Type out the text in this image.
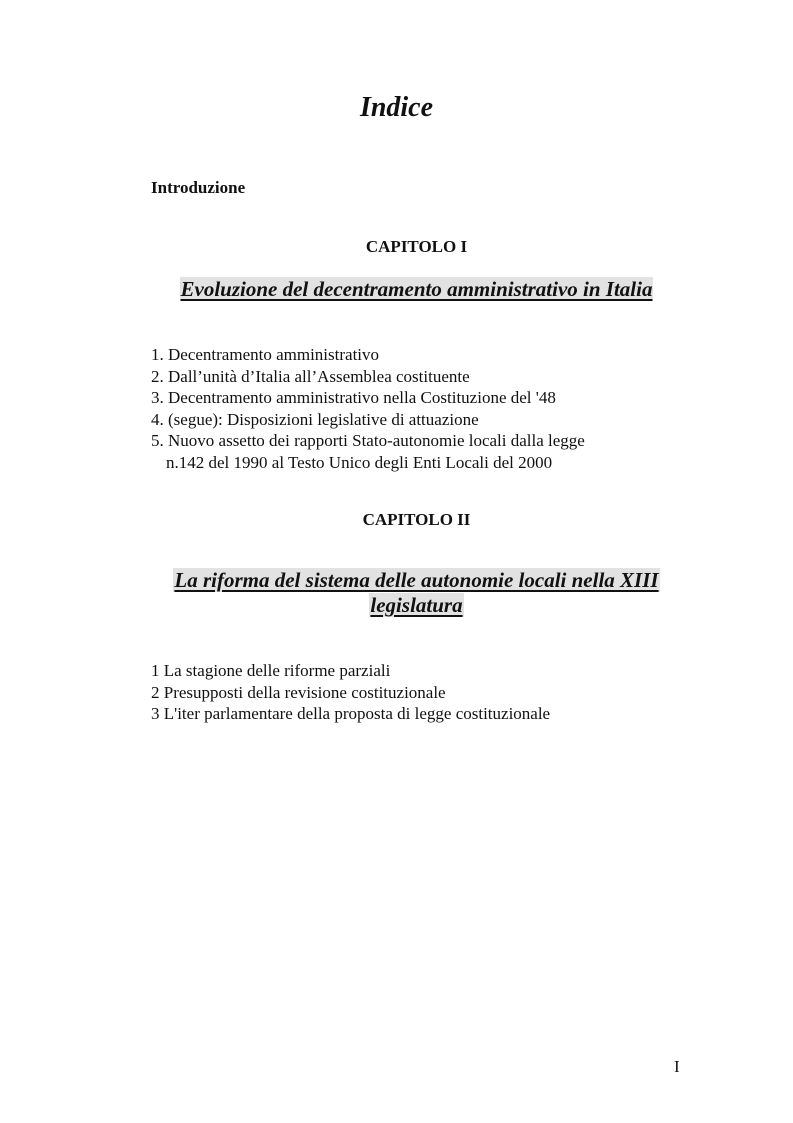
Indice

Introduzione

CAPITOLO I

Evoluzione del decentramento amministrativo in Italia

1. Decentramento amministrativo
2. Dall’unità d’Italia all’Assemblea costituente
3. Decentramento amministrativo nella Costituzione del '48
4. (segue): Disposizioni legislative di attuazione
5. Nuovo assetto dei rapporti Stato-autonomie locali dalla legge
n.142 del 1990 al Testo Unico degli Enti Locali del 2000

CAPITOLO II

La riforma del sistema delle autonomie locali nella XIII
legislatura

1 La stagione delle riforme parziali
2 Presupposti della revisione costituzionale
3 L'iter parlamentare della proposta di legge costituzionale

I
